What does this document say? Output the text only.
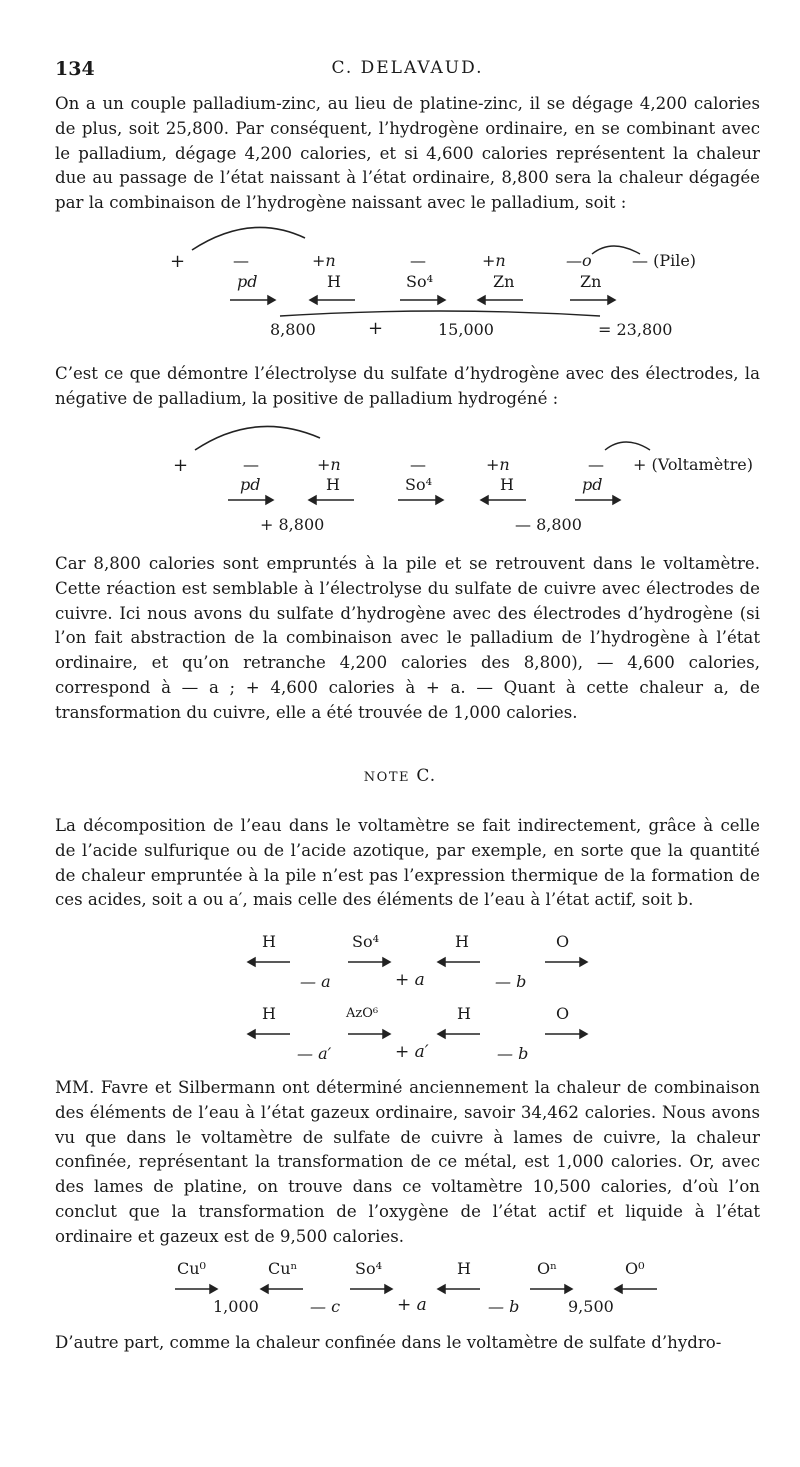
134	C. DELAVAUD.

On a un couple palladium-zinc, au lieu de platine-zinc, il se dégage 4,200 calories de plus, soit 25,800. Par conséquent, l’hydrogène ordinaire, en se combinant avec le palladium, dégage 4,200 calories, et si 4,600 calories représentent la chaleur due au passage de l’état naissant à l’état ordinaire, 8,800 sera la chaleur dégagée par la combinaison de l’hydrogène naissant avec le palladium, soit :

+	—	+n	—	+n	—o	— (Pile)
pd	H	So⁴	Zn	Zn
8,800	+	15,000	= 23,800

C’est ce que démontre l’électrolyse du sulfate d’hydrogène avec des électrodes, la négative de palladium, la positive de palladium hydrogéné :

+	—	+n	—	+n	— + (Voltamètre)
pd	H	So⁴	H	pd
+ 8,800	— 8,800

Car 8,800 calories sont empruntés à la pile et se retrouvent dans le voltamètre. Cette réaction est semblable à l’électrolyse du sulfate de cuivre avec électrodes de cuivre. Ici nous avons du sulfate d’hydrogène avec des électrodes d’hydrogène (si l’on fait abstraction de la combinaison avec le palladium de l’hydrogène à l’état ordinaire, et qu’on retranche 4,200 calories des 8,800), — 4,600 calories, correspond à — a ; + 4,600 calories à + a. — Quant à cette chaleur a, de transformation du cuivre, elle a été trouvée de 1,000 calories.

NOTE C.

La décomposition de l’eau dans le voltamètre se fait indirectement, grâce à celle de l’acide sulfurique ou de l’acide azotique, par exemple, en sorte que la quantité de chaleur empruntée à la pile n’est pas l’expression thermique de la formation de ces acides, soit a ou a′, mais celle des éléments de l’eau à l’état actif, soit b.

H	So⁴	H	O
— a	+ a	— b
H	AzO⁶	H	O
— a′	+ a′	— b

MM. Favre et Silbermann ont déterminé anciennement la chaleur de combinaison des éléments de l’eau à l’état gazeux ordinaire, savoir 34,462 calories. Nous avons vu que dans le voltamètre de sulfate de cuivre à lames de cuivre, la chaleur confinée, représentant la transformation de ce métal, est 1,000 calories. Or, avec des lames de platine, on trouve dans ce voltamètre 10,500 calories, d’où l’on conclut que la transformation de l’oxygène de l’état actif et liquide à l’état ordinaire et gazeux est de 9,500 calories.

Cu⁰	Cuⁿ	So⁴	H	Oⁿ	O⁰
1,000	— c	+ a	— b	9,500

D’autre part, comme la chaleur confinée dans le voltamètre de sulfate d’hydro-
